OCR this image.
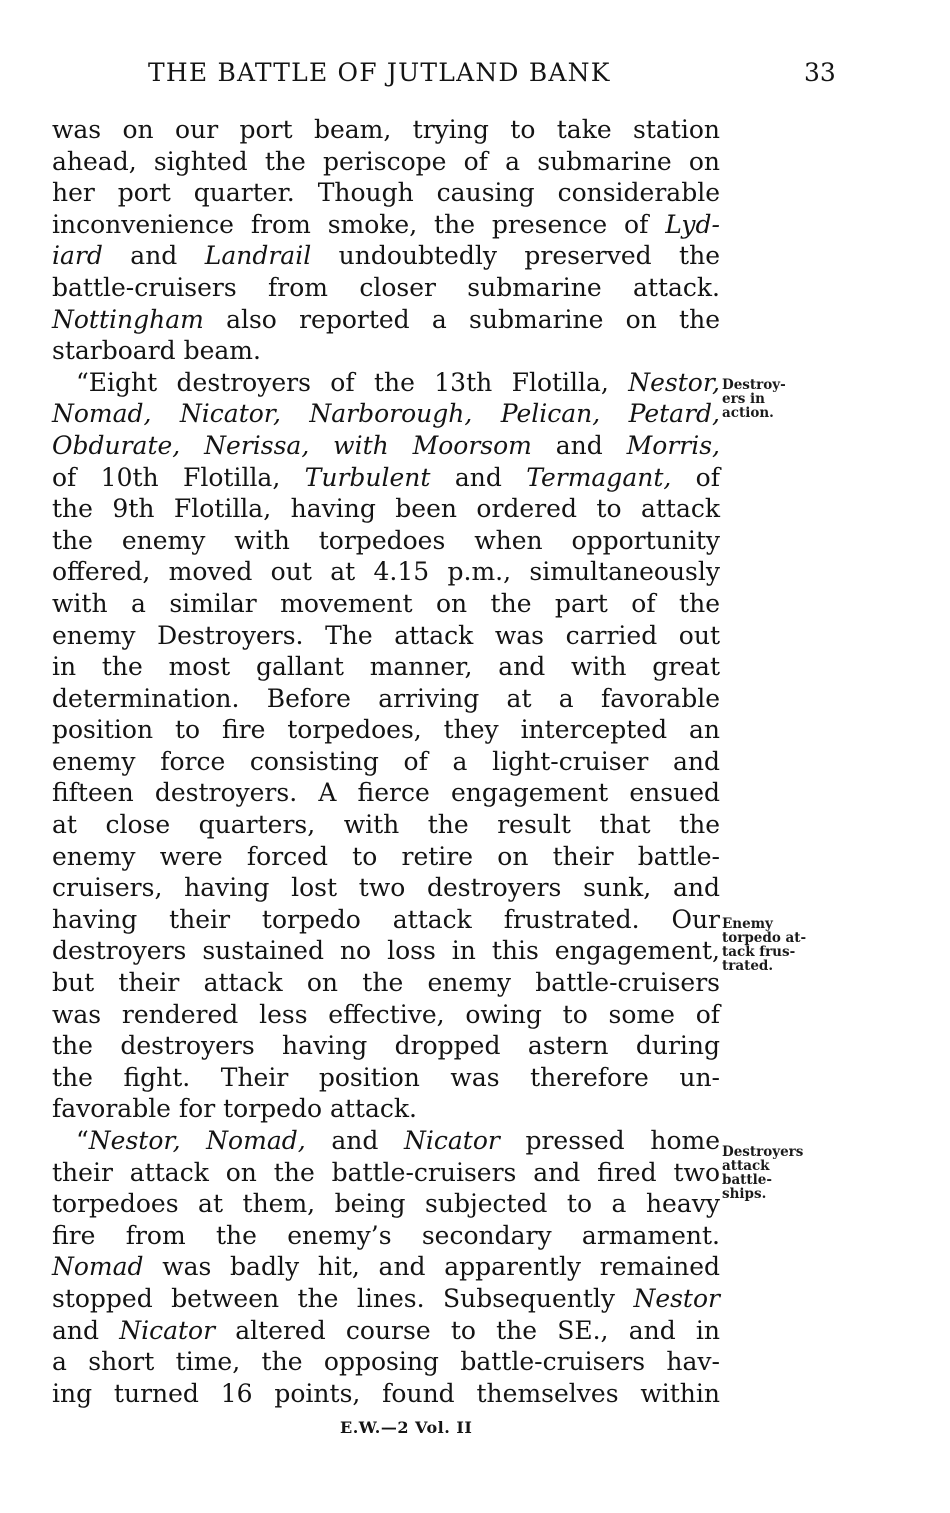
THE BATTLE OF JUTLAND BANK	33
was on our port beam, trying to take station
ahead, sighted the periscope of a submarine on
her port quarter. Though causing considerable
inconvenience from smoke, the presence of Lyd-
iard and Landrail undoubtedly preserved the
battle-cruisers from closer submarine attack.
Nottingham also reported a submarine on the
starboard beam.
“Eight destroyers of the 13th Flotilla, Nestor,
Nomad, Nicator, Narborough, Pelican, Petard,
Obdurate, Nerissa, with Moorsom and Morris,
of 10th Flotilla, Turbulent and Termagant, of
the 9th Flotilla, having been ordered to attack
the enemy with torpedoes when opportunity
offered, moved out at 4.15 p.m., simultaneously
with a similar movement on the part of the
enemy Destroyers. The attack was carried out
in the most gallant manner, and with great
determination. Before arriving at a favorable
position to fire torpedoes, they intercepted an
enemy force consisting of a light-cruiser and
fifteen destroyers. A fierce engagement ensued
at close quarters, with the result that the
enemy were forced to retire on their battle-
cruisers, having lost two destroyers sunk, and
having their torpedo attack frustrated. Our
destroyers sustained no loss in this engagement,
but their attack on the enemy battle-cruisers
was rendered less effective, owing to some of
the destroyers having dropped astern during
the fight. Their position was therefore un-
favorable for torpedo attack.
“Nestor, Nomad, and Nicator pressed home
their attack on the battle-cruisers and fired two
torpedoes at them, being subjected to a heavy
fire from the enemy’s secondary armament.
Nomad was badly hit, and apparently remained
stopped between the lines. Subsequently Nestor
and Nicator altered course to the SE., and in
a short time, the opposing battle-cruisers hav-
ing turned 16 points, found themselves within
Destroy-
ers in
action.
Enemy
torpedo at-
tack frus-
trated.
Destroyers
attack
battle-
ships.
E.W.—2 Vol. II
